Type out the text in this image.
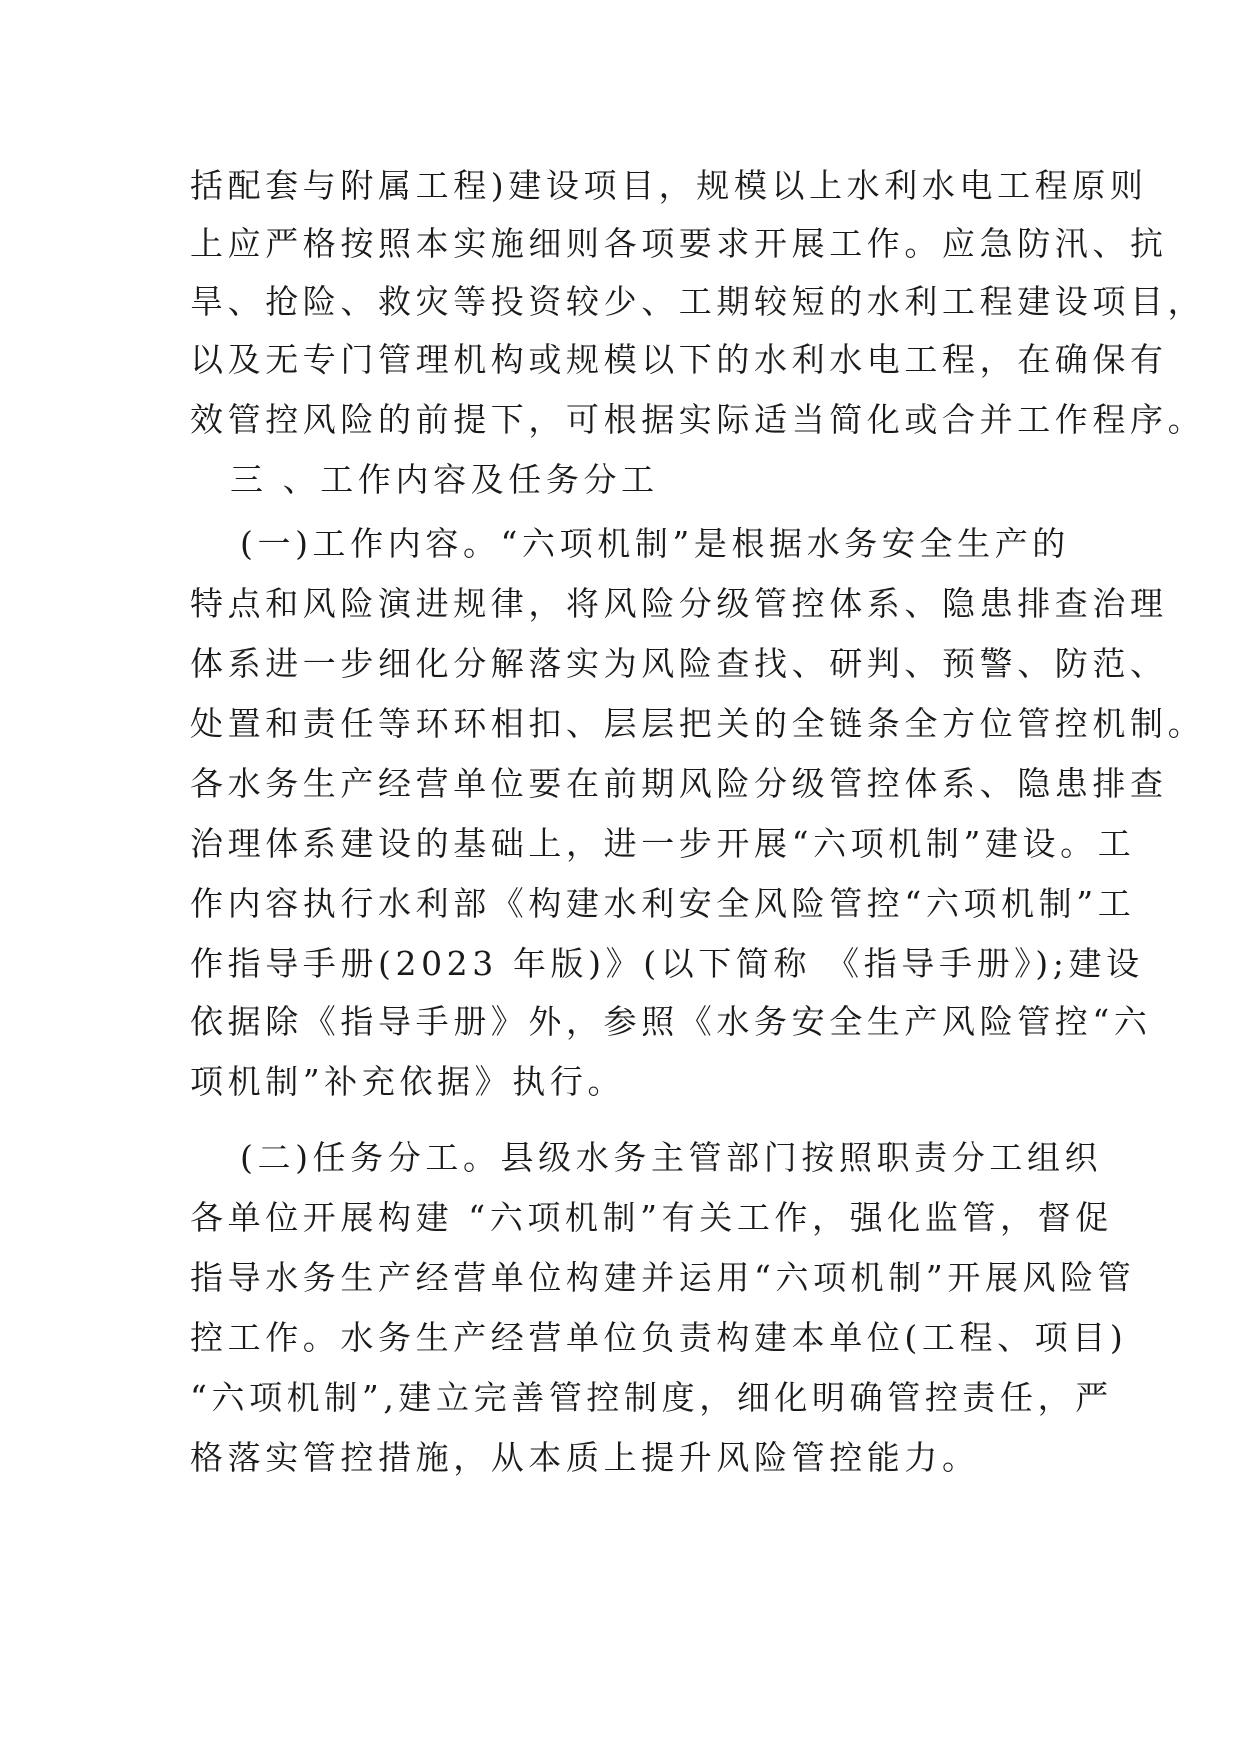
括配套与附属工程)建设项目，规模以上水利水电工程原则
上应严格按照本实施细则各项要求开展工作。应急防汛、抗
旱、抢险、救灾等投资较少、工期较短的水利工程建设项目，
以及无专门管理机构或规模以下的水利水电工程，在确保有
效管控风险的前提下，可根据实际适当简化或合并工作程序。
三 、工作内容及任务分工
(一)工作内容。“六项机制”是根据水务安全生产的
特点和风险演进规律，将风险分级管控体系、隐患排查治理
体系进一步细化分解落实为风险查找、研判、预警、防范、
处置和责任等环环相扣、层层把关的全链条全方位管控机制。
各水务生产经营单位要在前期风险分级管控体系、隐患排查
治理体系建设的基础上，进一步开展“六项机制”建设。工
作内容执行水利部《构建水利安全风险管控“六项机制”工
作指导手册(2023 年版)》(以下简称 《指导手册》);建设
依据除《指导手册》外，参照《水务安全生产风险管控“六
项机制”补充依据》执行。
(二)任务分工。县级水务主管部门按照职责分工组织
各单位开展构建 “六项机制”有关工作，强化监管，督促
指导水务生产经营单位构建并运用“六项机制”开展风险管
控工作。水务生产经营单位负责构建本单位(工程、项目)
“六项机制”,建立完善管控制度，细化明确管控责任，严
格落实管控措施，从本质上提升风险管控能力。
